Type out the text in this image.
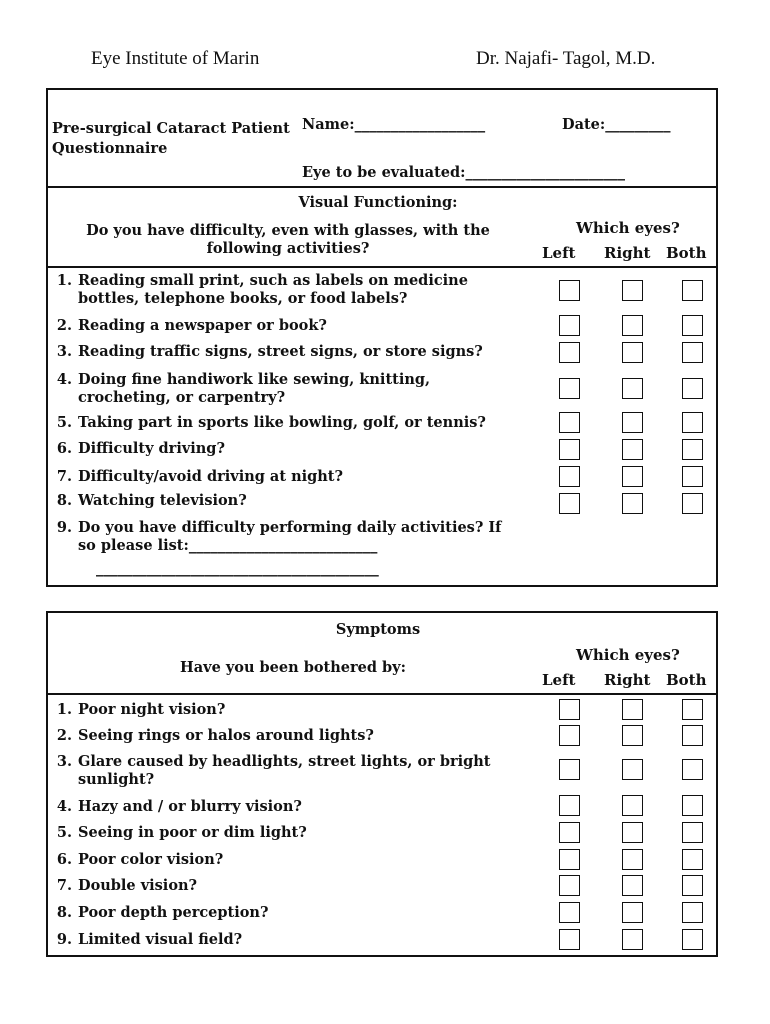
Eye Institute of Marin	Dr. Najafi- Tagol, M.D.
Pre-surgical Cataract Patient
Questionnaire
Name:__________________	Date:_________
Eye to be evaluated:______________________
Visual Functioning:
Do you have difficulty, even with glasses, with the following activities?
Which eyes?
Left Right Both
1. Reading small print, such as labels on medicine bottles, telephone books, or food labels?
2. Reading a newspaper or book?
3. Reading traffic signs, street signs, or store signs?
4. Doing fine handiwork like sewing, knitting, crocheting, or carpentry?
5. Taking part in sports like bowling, golf, or tennis?
6. Difficulty driving?
7. Difficulty/avoid driving at night?
8. Watching television?
9. Do you have difficulty performing daily activities? If so please list:__________________________
_______________________________________
Symptoms
Have you been bothered by:
Which eyes?
Left Right Both
1. Poor night vision?
2. Seeing rings or halos around lights?
3. Glare caused by headlights, street lights, or bright sunlight?
4. Hazy and / or blurry vision?
5. Seeing in poor or dim light?
6. Poor color vision?
7. Double vision?
8. Poor depth perception?
9. Limited visual field?
